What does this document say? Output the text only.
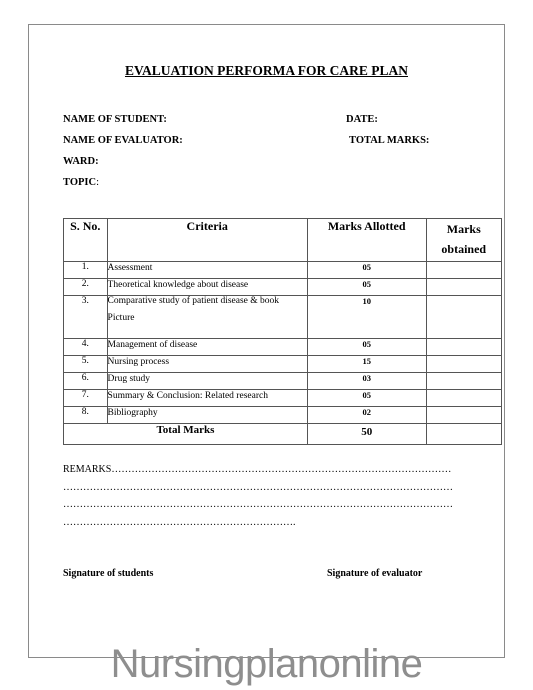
EVALUATION PERFORMA FOR CARE PLAN
NAME OF STUDENT:	DATE:
NAME OF EVALUATOR:	TOTAL MARKS:
WARD:
TOPIC:
S. No.	Criteria	Marks Allotted	Marks
obtained
1.	Assessment	05	
2.	Theoretical knowledge about disease	05	
3.	Comparative study of patient disease & book
Picture	10	
4.	Management of disease	05	
5.	Nursing process	15	
6.	Drug study	03	
7.	Summary & Conclusion: Related research	05	
8.	Bibliography	02	
Total Marks		50	
REMARKS…………………………………………………………………………………………
………………………………………………………………………………………………………
………………………………………………………………………………………………………
…………………………………………………………….
Signature of students	Signature of evaluator
Nursingplanonline
